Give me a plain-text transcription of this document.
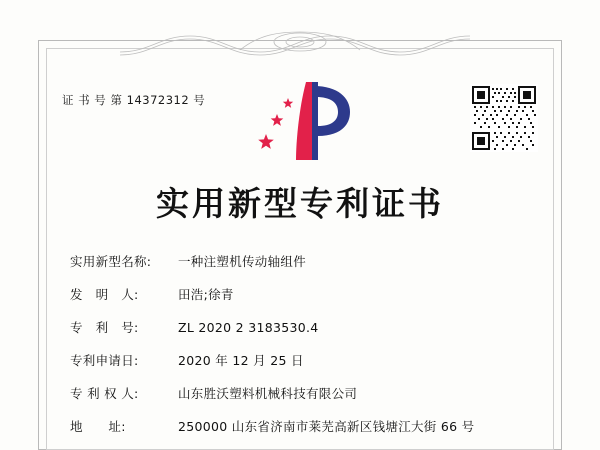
证 书 号 第 14372312 号
实用新型专利证书
实用新型名称:	一种注塑机传动轴组件
发　明　人:	田浩;徐青
专　利　号:	ZL 2020 2 3183530.4
专利申请日:	2020 年 12 月 25 日
专 利 权 人:	山东胜沃塑料机械科技有限公司
地　　址:	250000 山东省济南市莱芜高新区钱塘江大街 66 号
